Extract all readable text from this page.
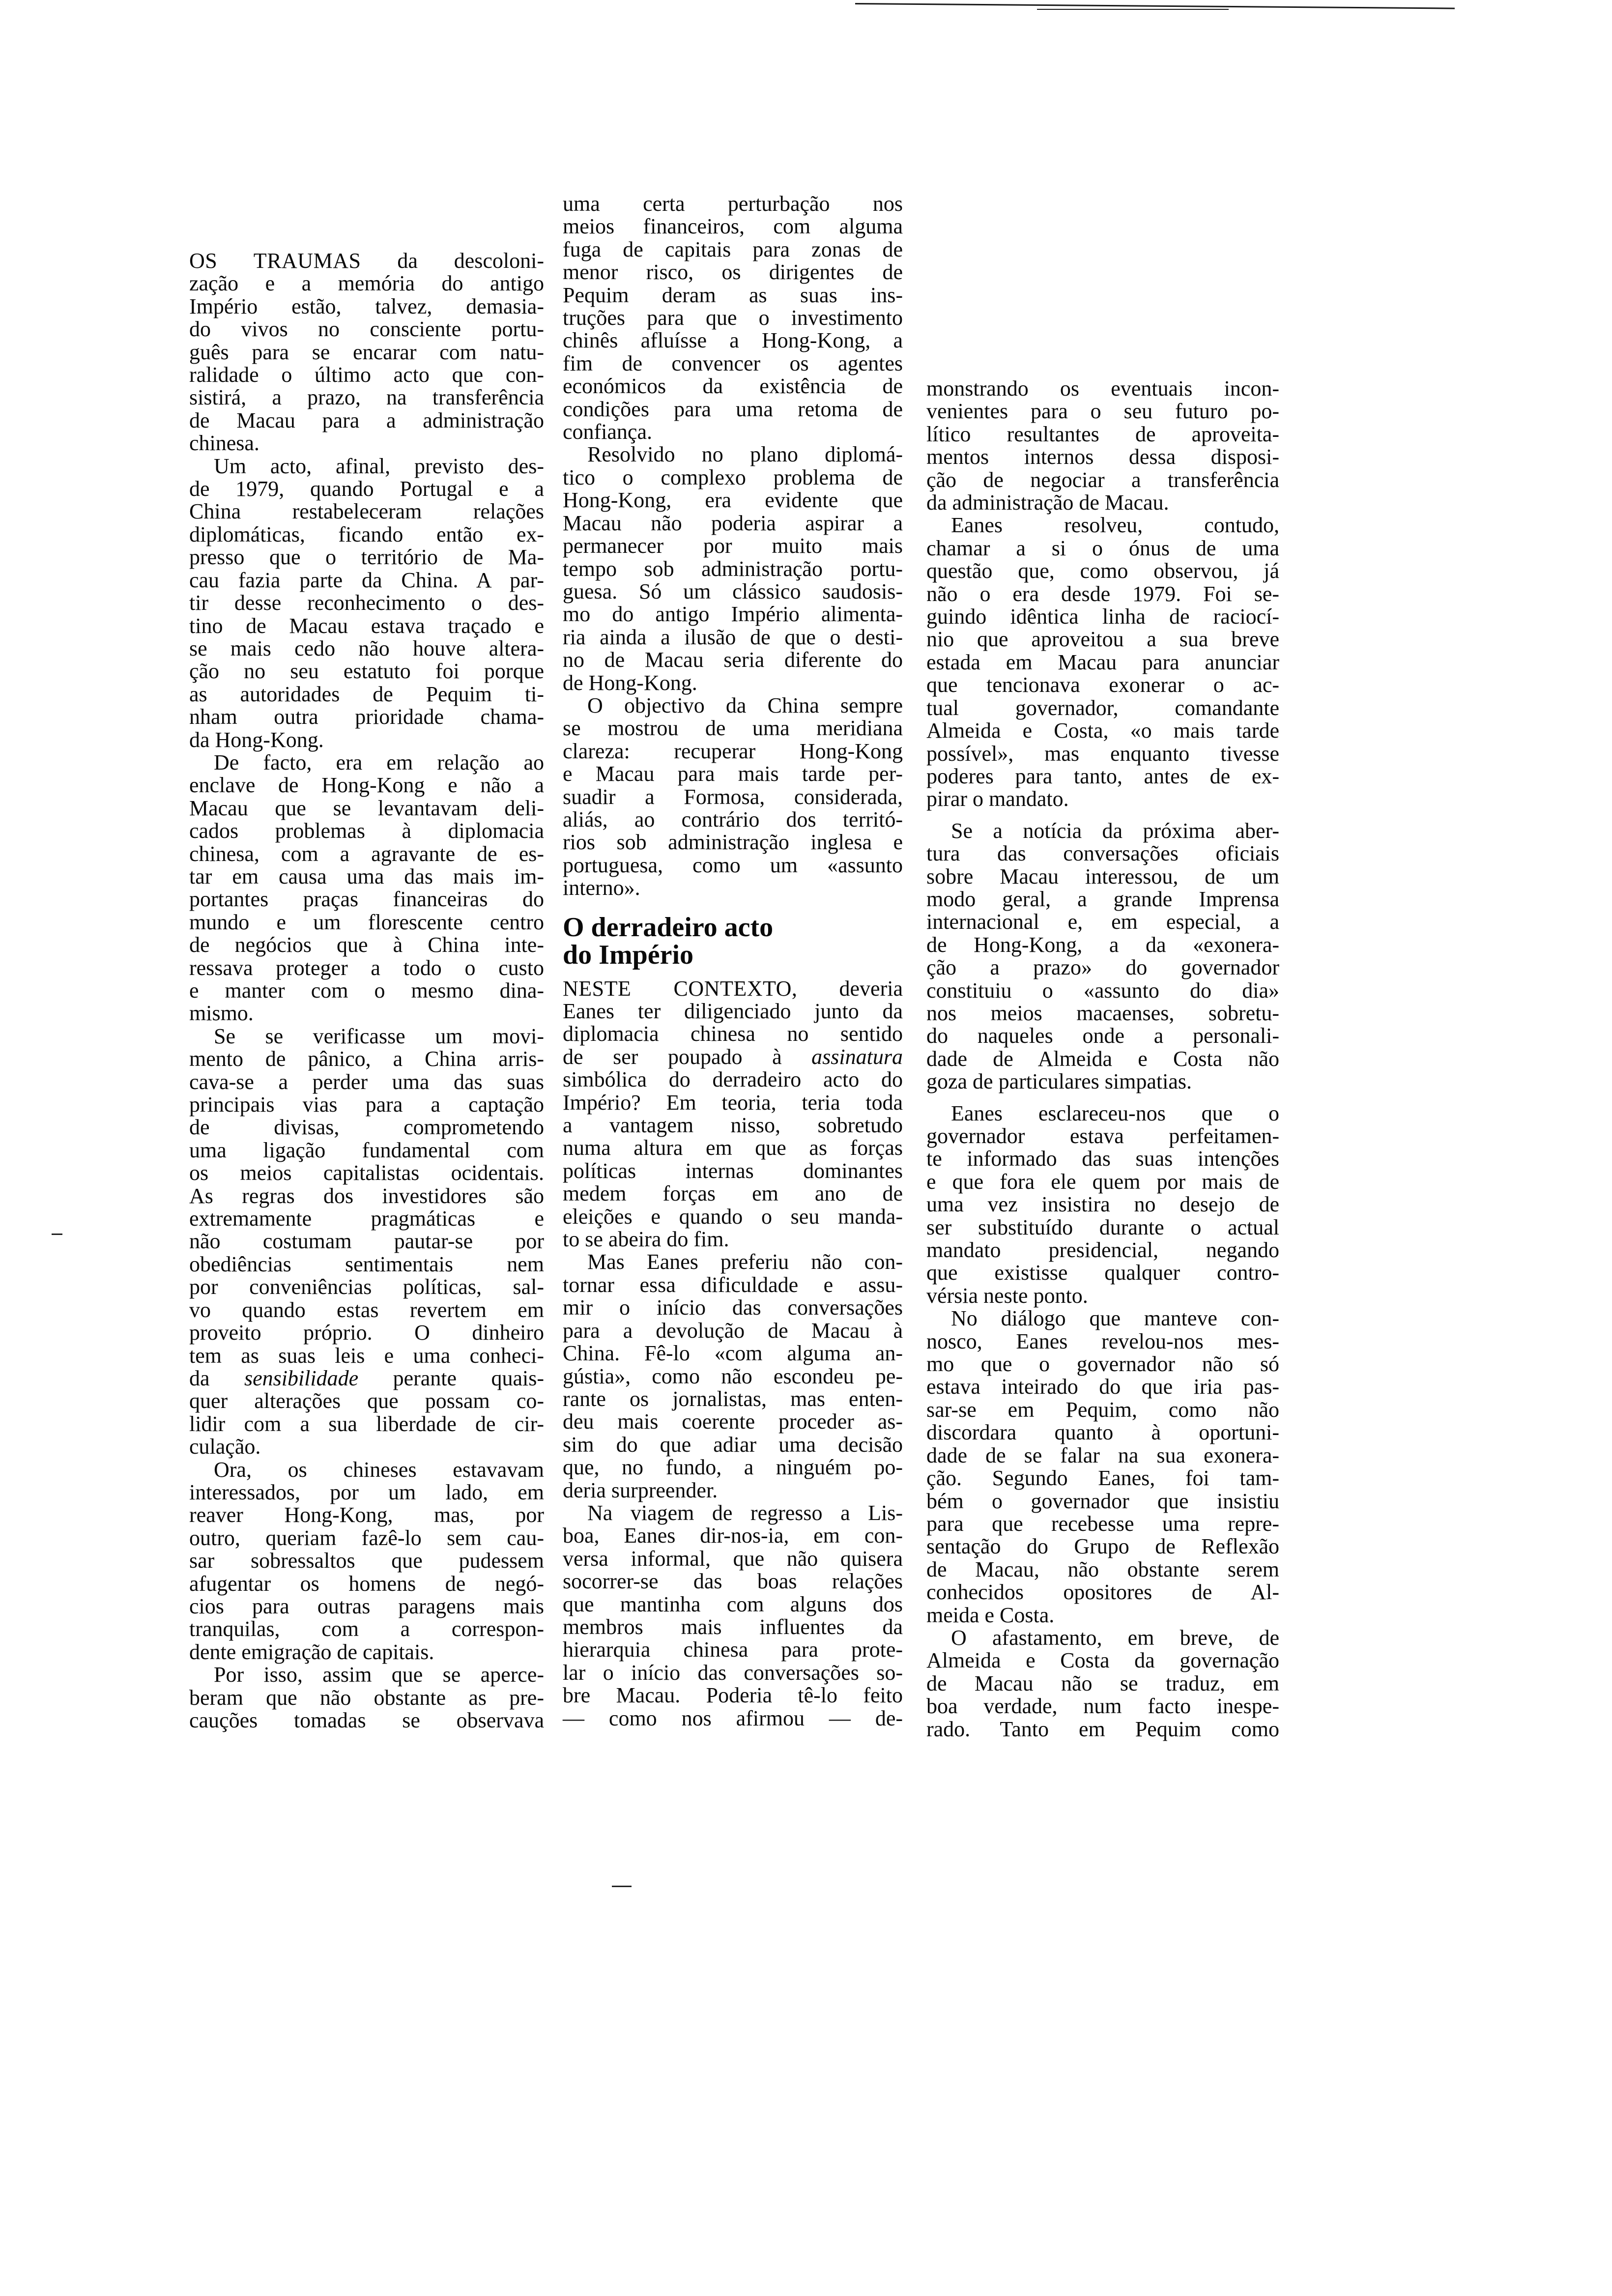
OS TRAUMAS da descoloni-
zação e a memória do antigo
Império estão, talvez, demasia-
do vivos no consciente portu-
guês para se encarar com natu-
ralidade o último acto que con-
sistirá, a prazo, na transferência
de Macau para a administração
chinesa.

Um acto, afinal, previsto des-
de 1979, quando Portugal e a
China restabeleceram relações
diplomáticas, ficando então ex-
presso que o território de Ma-
cau fazia parte da China. A par-
tir desse reconhecimento o des-
tino de Macau estava traçado e
se mais cedo não houve altera-
ção no seu estatuto foi porque
as autoridades de Pequim ti-
nham outra prioridade chama-
da Hong-Kong.

De facto, era em relação ao
enclave de Hong-Kong e não a
Macau que se levantavam deli-
cados problemas à diplomacia
chinesa, com a agravante de es-
tar em causa uma das mais im-
portantes praças financeiras do
mundo e um florescente centro
de negócios que à China inte-
ressava proteger a todo o custo
e manter com o mesmo dina-
mismo.

Se se verificasse um movi-
mento de pânico, a China arris-
cava-se a perder uma das suas
principais vias para a captação
de divisas, comprometendo
uma ligação fundamental com
os meios capitalistas ocidentais.
As regras dos investidores são
extremamente pragmáticas e
não costumam pautar-se por
obediências sentimentais nem
por conveniências políticas, sal-
vo quando estas revertem em
proveito próprio. O dinheiro
tem as suas leis e uma conheci-
da sensibilidade perante quais-
quer alterações que possam co-
lidir com a sua liberdade de cir-
culação.

Ora, os chineses estavavam
interessados, por um lado, em
reaver Hong-Kong, mas, por
outro, queriam fazê-lo sem cau-
sar sobressaltos que pudessem
afugentar os homens de negó-
cios para outras paragens mais
tranquilas, com a correspon-
dente emigração de capitais.

Por isso, assim que se aperce-
beram que não obstante as pre-
cauções tomadas se observava

uma certa perturbação nos
meios financeiros, com alguma
fuga de capitais para zonas de
menor risco, os dirigentes de
Pequim deram as suas ins-
truções para que o investimento
chinês afluísse a Hong-Kong, a
fim de convencer os agentes
económicos da existência de
condições para uma retoma de
confiança.

Resolvido no plano diplomá-
tico o complexo problema de
Hong-Kong, era evidente que
Macau não poderia aspirar a
permanecer por muito mais
tempo sob administração portu-
guesa. Só um clássico saudosis-
mo do antigo Império alimenta-
ria ainda a ilusão de que o desti-
no de Macau seria diferente do
de Hong-Kong.

O objectivo da China sempre
se mostrou de uma meridiana
clareza: recuperar Hong-Kong
e Macau para mais tarde per-
suadir a Formosa, considerada,
aliás, ao contrário dos territó-
rios sob administração inglesa e
portuguesa, como um «assunto
interno».

O derradeiro acto
do Império

NESTE CONTEXTO, deveria
Eanes ter diligenciado junto da
diplomacia chinesa no sentido
de ser poupado à assinatura
simbólica do derradeiro acto do
Império? Em teoria, teria toda
a vantagem nisso, sobretudo
numa altura em que as forças
políticas internas dominantes
medem forças em ano de
eleições e quando o seu manda-
to se abeira do fim.

Mas Eanes preferiu não con-
tornar essa dificuldade e assu-
mir o início das conversações
para a devolução de Macau à
China. Fê-lo «com alguma an-
gústia», como não escondeu pe-
rante os jornalistas, mas enten-
deu mais coerente proceder as-
sim do que adiar uma decisão
que, no fundo, a ninguém po-
deria surpreender.

Na viagem de regresso a Lis-
boa, Eanes dir-nos-ia, em con-
versa informal, que não quisera
socorrer-se das boas relações
que mantinha com alguns dos
membros mais influentes da
hierarquia chinesa para prote-
lar o início das conversações so-
bre Macau. Poderia tê-lo feito
— como nos afirmou — de-

monstrando os eventuais incon-
venientes para o seu futuro po-
lítico resultantes de aproveita-
mentos internos dessa disposi-
ção de negociar a transferência
da administração de Macau.

Eanes resolveu, contudo,
chamar a si o ónus de uma
questão que, como observou, já
não o era desde 1979. Foi se-
guindo idêntica linha de raciocí-
nio que aproveitou a sua breve
estada em Macau para anunciar
que tencionava exonerar o ac-
tual governador, comandante
Almeida e Costa, «o mais tarde
possível», mas enquanto tivesse
poderes para tanto, antes de ex-
pirar o mandato.

Se a notícia da próxima aber-
tura das conversações oficiais
sobre Macau interessou, de um
modo geral, a grande Imprensa
internacional e, em especial, a
de Hong-Kong, a da «exonera-
ção a prazo» do governador
constituiu o «assunto do dia»
nos meios macaenses, sobretu-
do naqueles onde a personali-
dade de Almeida e Costa não
goza de particulares simpatias.

Eanes esclareceu-nos que o
governador estava perfeitamen-
te informado das suas intenções
e que fora ele quem por mais de
uma vez insistira no desejo de
ser substituído durante o actual
mandato presidencial, negando
que existisse qualquer contro-
vérsia neste ponto.

No diálogo que manteve con-
nosco, Eanes revelou-nos mes-
mo que o governador não só
estava inteirado do que iria pas-
sar-se em Pequim, como não
discordara quanto à oportuni-
dade de se falar na sua exonera-
ção. Segundo Eanes, foi tam-
bém o governador que insistiu
para que recebesse uma repre-
sentação do Grupo de Reflexão
de Macau, não obstante serem
conhecidos opositores de Al-
meida e Costa.

O afastamento, em breve, de
Almeida e Costa da governação
de Macau não se traduz, em
boa verdade, num facto inespe-
rado. Tanto em Pequim como
